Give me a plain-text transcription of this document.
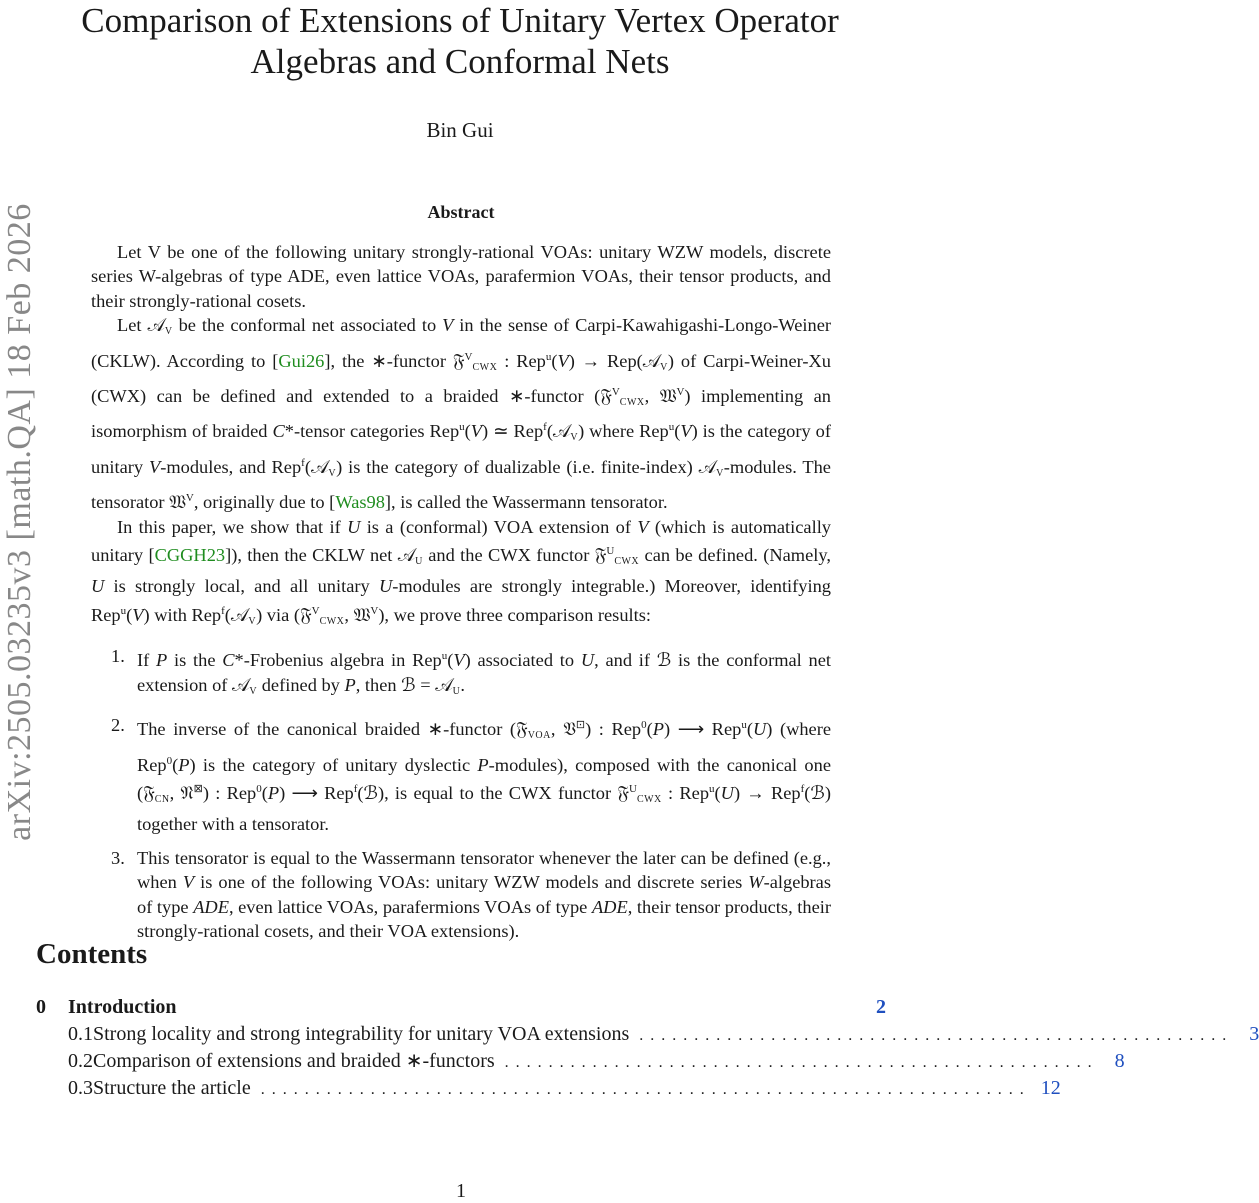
arXiv:2505.03235v3 [math.QA] 18 Feb 2026
Comparison of Extensions of Unitary Vertex Operator
Algebras and Conformal Nets
Bin Gui
Abstract

Let V be one of the following unitary strongly-rational VOAs: unitary WZW models, discrete series W-algebras of type ADE, even lattice VOAs, parafermion VOAs, their tensor products, and their strongly-rational cosets.

Let 𝒜$_V$ be the conformal net associated to V in the sense of Carpi-Kawahigashi-Longo-Weiner (CKLW). According to [Gui26], the ∗-functor 𝔉$^V_{CWX}$ : Rep$^u$(V) → Rep(𝒜$_V$) of Carpi-Weiner-Xu (CWX) can be defined and extended to a braided ∗-functor (𝔉$^V_{CWX}$, 𝔚$^V$) implementing an isomorphism of braided C*-tensor categories Rep$^u$(V) ≃ Rep$^f$(𝒜$_V$) where Rep$^u$(V) is the category of unitary V-modules, and Rep$^f$(𝒜$_V$) is the category of dualizable (i.e. finite-index) 𝒜$_V$-modules. The tensorator 𝔚$^V$, originally due to [Was98], is called the Wassermann tensorator.

In this paper, we show that if U is a (conformal) VOA extension of V (which is automatically unitary [CGGH23]), then the CKLW net 𝒜$_U$ and the CWX functor 𝔉$^U_{CWX}$ can be defined. (Namely, U is strongly local, and all unitary U-modules are strongly integrable.) Moreover, identifying Rep$^u$(V) with Rep$^f$(𝒜$_V$) via (𝔉$^V_{CWX}$, 𝔚$^V$), we prove three comparison results:

1. If P is the C*-Frobenius algebra in Rep$^u$(V) associated to U, and if ℬ is the conformal net extension of 𝒜$_V$ defined by P, then ℬ = 𝒜$_U$.
2. The inverse of the canonical braided ∗-functor (𝔉$_{VOA}$, 𝔙⊡) : Rep$^0$(P) ⟶ Rep$^u$(U) (where Rep$^0$(P) is the category of unitary dyslectic P-modules), composed with the canonical one (𝔉$_{CN}$, 𝔑⊠) : Rep$^0$(P) ⟶ Rep$^f$(ℬ), is equal to the CWX functor 𝔉$^U_{CWX}$ : Rep$^u$(U) → Rep$^f$(ℬ) together with a tensorator.
3. This tensorator is equal to the Wassermann tensorator whenever the later can be defined (e.g., when V is one of the following VOAs: unitary WZW models and discrete series W-algebras of type ADE, even lattice VOAs, parafermions VOAs of type ADE, their tensor products, their strongly-rational cosets, and their VOA extensions).
Contents
0	Introduction	2
0.1 Strong locality and strong integrability for unitary VOA extensions ...................................................... 3
0.2 Comparison of extensions and braided ∗-functors ...................................................... 8
0.3 Structure the article ...................................................................... 12
1
